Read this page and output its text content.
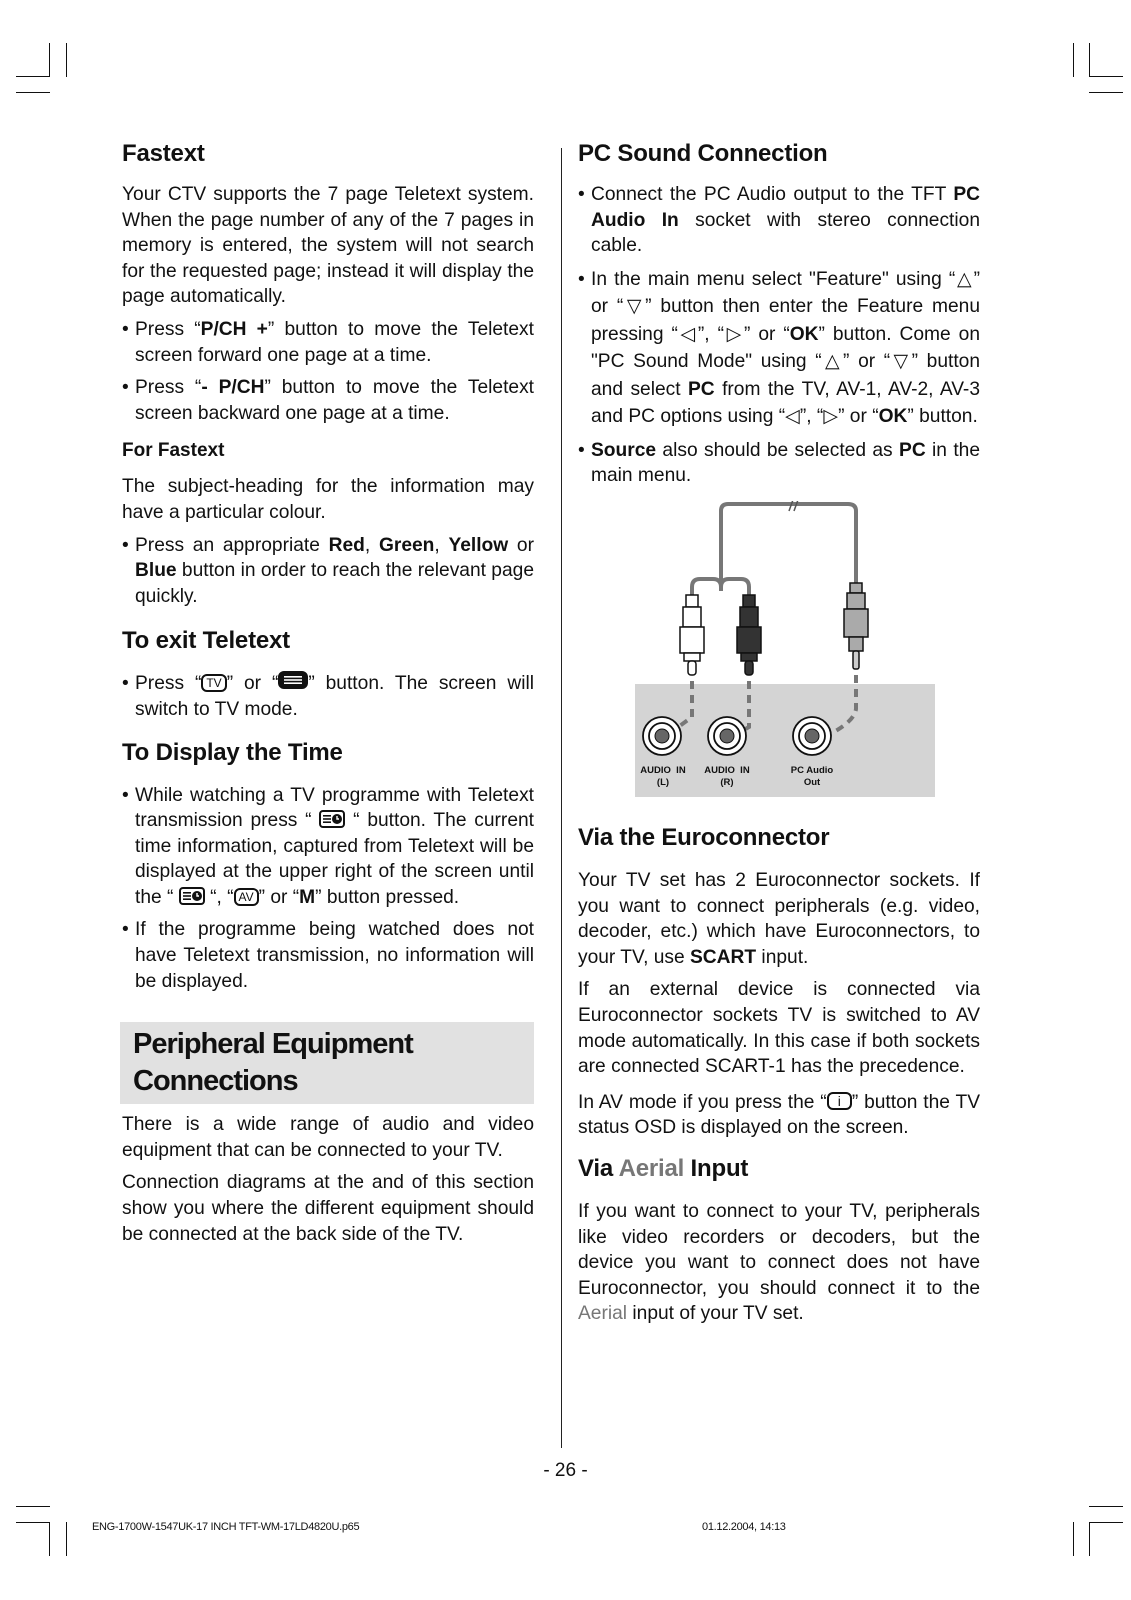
Fastext

Your CTV supports the 7 page Teletext system. When the page number of any of the 7 pages in memory is entered, the system will not search for the requested page; instead it will display the page automatically.

• Press “P/CH +” button to move the Teletext screen forward one page at a time.

• Press “- P/CH” button to move the Teletext screen backward one page at a time.

For Fastext

The subject-heading for the information may have a particular colour.

• Press an appropriate Red, Green, Yellow or Blue button in order to reach the relevant page quickly.

To exit Teletext

• Press “ TV ” or “ ” button. The screen will switch to TV mode.

To Display the Time

• While watching a TV programme with Teletext transmission press “  “ button. The current time information, captured from Teletext will be displayed at the upper right of the screen until the “  “, “ AV ” or “M” button pressed.

• If the programme being watched does not have Teletext transmission, no information will be displayed.

Peripheral Equipment
Connections

There is a wide range of audio and video equipment that can be connected to your TV.

Connection diagrams at the and of this section show you where the different equipment should be connected at the back side of the TV.

PC Sound Connection

• Connect the PC Audio output to the TFT PC Audio In socket with stereo connection cable.

• In the main menu select "Feature" using “△” or “▽” button then enter the Feature menu pressing “◁”, “▷” or “OK” button. Come on "PC Sound Mode" using “△” or “▽” button and select PC from the TV, AV-1, AV-2, AV-3 and PC options using “◁”, “▷” or “OK” button.

• Source also should be selected as PC in the main menu.

AUDIO  IN
(L)
AUDIO  IN
(R)
PC Audio
Out
Via the Euroconnector

Your TV set has 2 Euroconnector sockets. If you want to connect peripherals (e.g. video, decoder, etc.) which have Euroconnectors, to your TV, use SCART input.

If an external device is connected via Euroconnector sockets TV is switched to AV mode automatically. In this case if both sockets are connected SCART-1 has the precedence.

In AV mode if you press the “ i ” button the TV status OSD is displayed on the screen.

Via Aerial Input

If you want to connect to your TV, peripherals like video recorders or decoders, but the device you want to connect does not have Euroconnector, you should connect it to the Aerial input of your TV set.

- 26 -
ENG-1700W-1547UK-17 INCH TFT-WM-17LD4820U.p65	01.12.2004, 14:13
